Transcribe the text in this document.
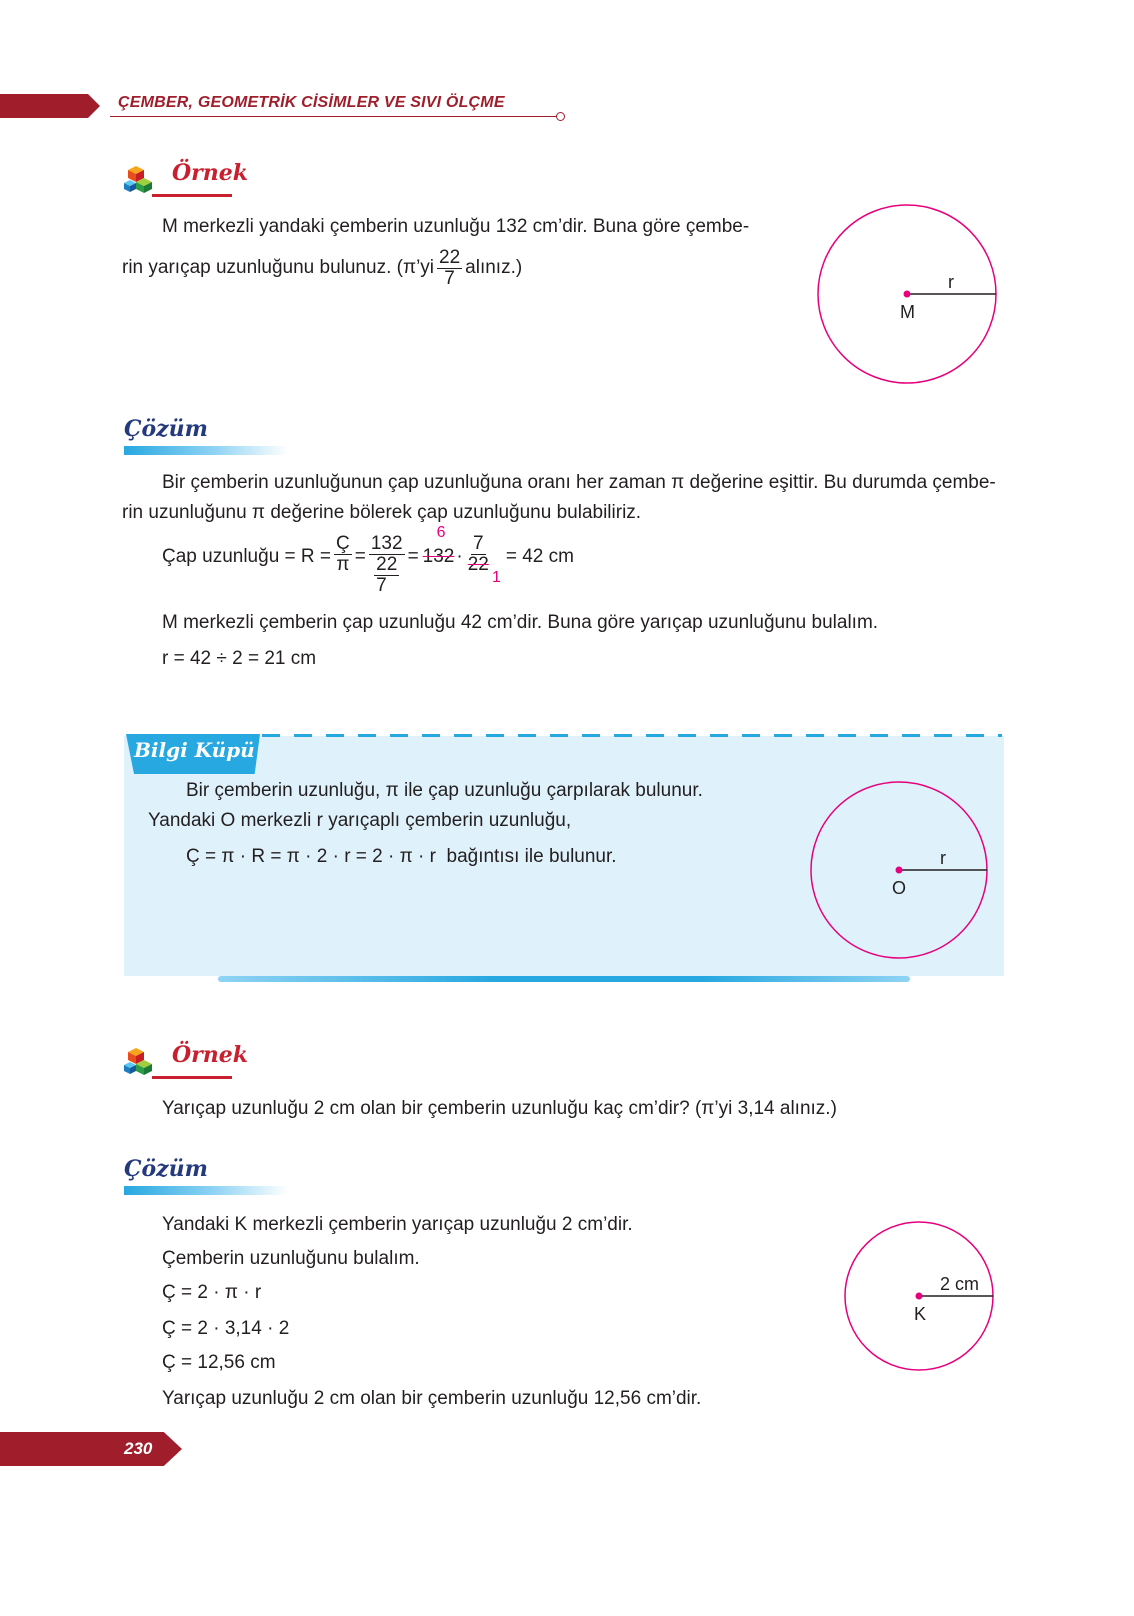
ÇEMBER, GEOMETRİK CİSİMLER VE SIVI ÖLÇME
Örnek
M merkezli yandaki çemberin uzunluğu 132 cm’dir. Buna göre çembe-
rin yarıçap uzunluğunu bulunuz. (π’yi $\frac{22}{7}$ alınız.)
r
M
Çözüm
Bir çemberin uzunluğunun çap uzunluğuna oranı her zaman π değerine eşittir. Bu durumda çembe-
rin uzunluğunu π değerine bölerek çap uzunluğunu bulabiliriz.
Çap uzunluğu = $R = \frac{Ç}{\pi} = \frac{132}{\frac{22}{7}} = 132$
6
·
7
22
1
= 42 cm
M merkezli çemberin çap uzunluğu 42 cm’dir. Buna göre yarıçap uzunluğunu bulalım.
r = 42 ÷ 2 = 21 cm
Bilgi Küpü
Bir çemberin uzunluğu, π ile çap uzunluğu çarpılarak bulunur.
Yandaki O merkezli r yarıçaplı çemberin uzunluğu,
Ç = π · R = π · 2 · r = 2 · π · r  bağıntısı ile bulunur.	r
O
Örnek
Yarıçap uzunluğu 2 cm olan bir çemberin uzunluğu kaç cm’dir? (π’yi 3,14 alınız.)
Çözüm
Yandaki K merkezli çemberin yarıçap uzunluğu 2 cm’dir.
Çemberin uzunluğunu bulalım.
Ç = 2 · π · r
Ç = 2 · 3,14 · 2
Ç = 12,56 cm
Yarıçap uzunluğu 2 cm olan bir çemberin uzunluğu 12,56 cm’dir.
2 cm
K
230
